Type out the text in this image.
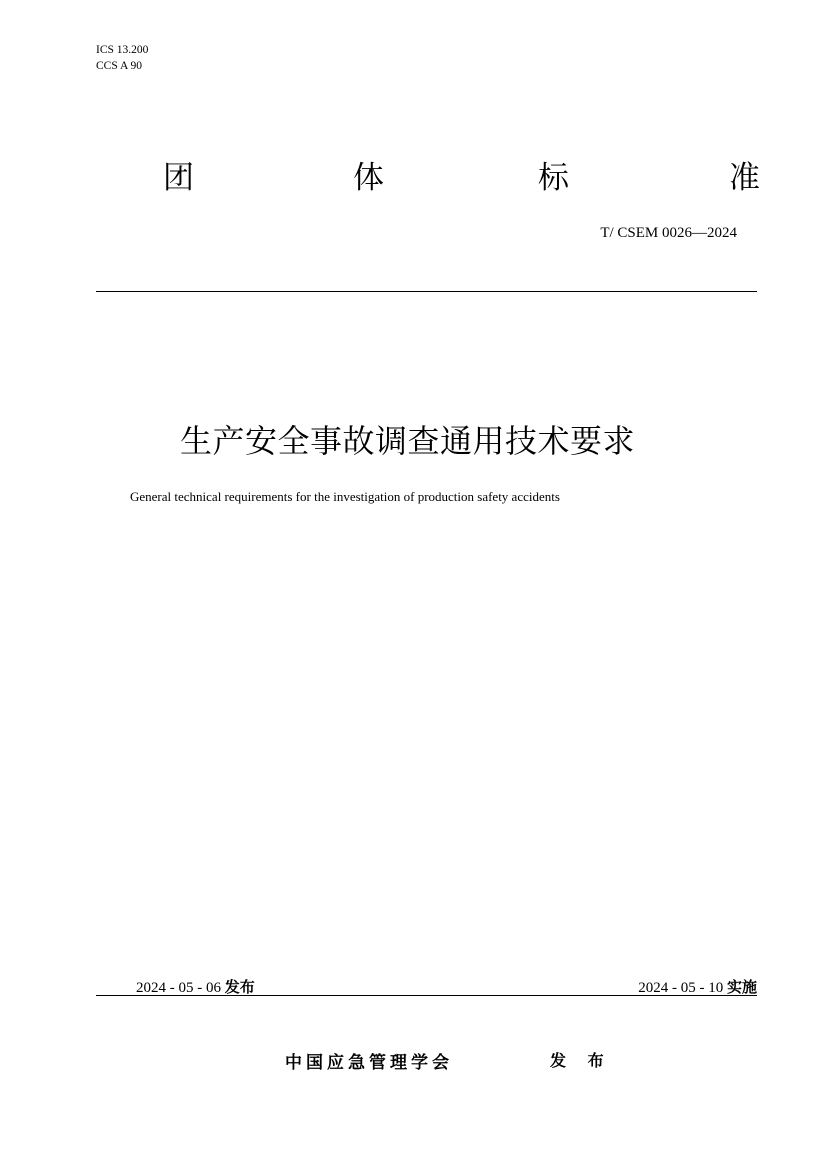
ICS 13.200
CCS A 90
团	体	标	准
T/ CSEM 0026—2024
生产安全事故调查通用技术要求
General technical requirements for the investigation of production safety accidents
2024 - 05 - 06 发布	2024 - 05 - 10 实施
中国应急管理学会	发 布
